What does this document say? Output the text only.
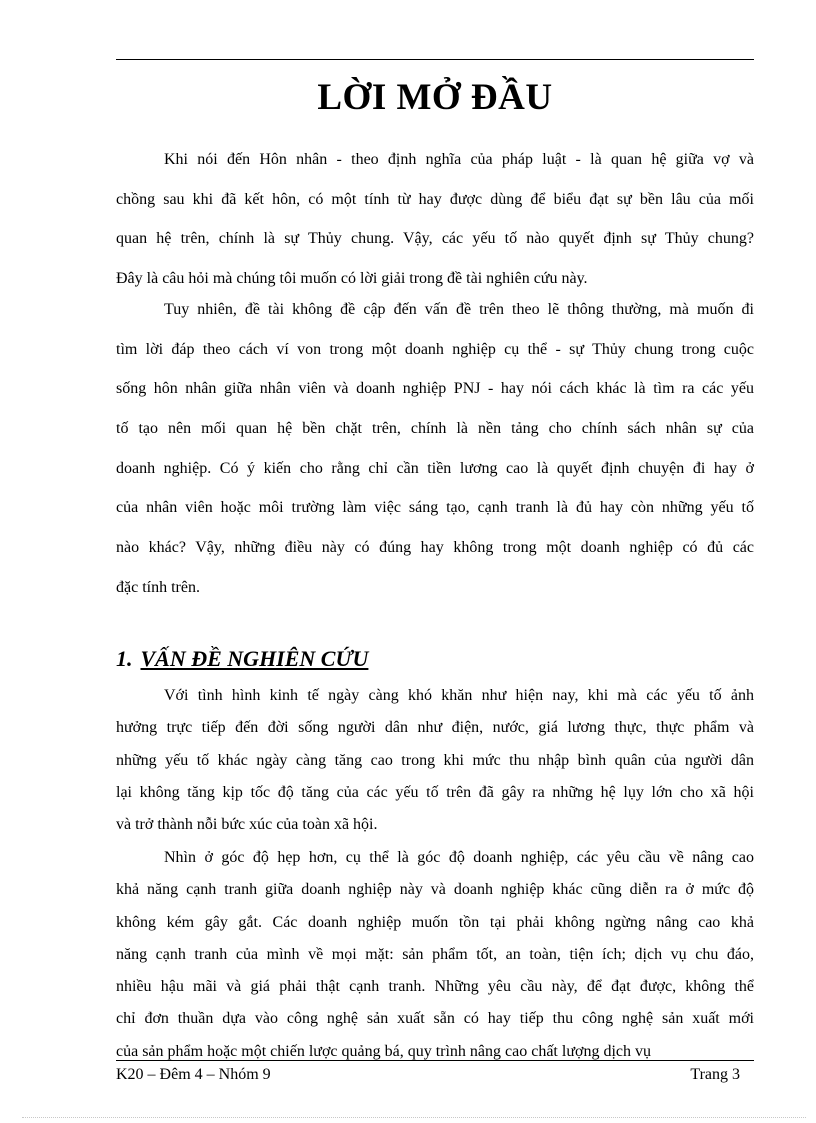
LỜI MỞ ĐẦU
Khi nói đến Hôn nhân - theo định nghĩa của pháp luật - là quan hệ giữa vợ và
chồng sau khi đã kết hôn, có một tính từ hay được dùng để biểu đạt sự bền lâu của mối
quan hệ trên, chính là sự Thủy chung. Vậy, các yếu tố nào quyết định sự Thủy chung?
Đây là câu hỏi mà chúng tôi muốn có lời giải trong đề tài nghiên cứu này.
Tuy nhiên, đề tài không đề cập đến vấn đề trên theo lẽ thông thường, mà muốn đi
tìm lời đáp theo cách ví von trong một doanh nghiệp cụ thể - sự Thủy chung trong cuộc
sống hôn nhân giữa nhân viên và doanh nghiệp PNJ - hay nói cách khác là tìm ra các yếu
tố tạo nên mối quan hệ bền chặt trên, chính là nền tảng cho chính sách nhân sự của
doanh nghiệp. Có ý kiến cho rằng chỉ cần tiền lương cao là quyết định chuyện đi hay ở
của nhân viên hoặc môi trường làm việc sáng tạo, cạnh tranh là đủ hay còn những yếu tố
nào khác? Vậy, những điều này có đúng hay không trong một doanh nghiệp có đủ các
đặc tính trên.
1. VẤN ĐỀ NGHIÊN CỨU
Với tình hình kinh tế ngày càng khó khăn như hiện nay, khi mà các yếu tố ảnh
hưởng trực tiếp đến đời sống người dân như điện, nước, giá lương thực, thực phẩm và
những yếu tố khác ngày càng tăng cao trong khi mức thu nhập bình quân của người dân
lại không tăng kịp tốc độ tăng của các yếu tố trên đã gây ra những hệ lụy lớn cho xã hội
và trở thành nỗi bức xúc của toàn xã hội.
Nhìn ở góc độ hẹp hơn, cụ thể là góc độ doanh nghiệp, các yêu cầu về nâng cao
khả năng cạnh tranh giữa doanh nghiệp này và doanh nghiệp khác cũng diễn ra ở mức độ
không kém gây gắt. Các doanh nghiệp muốn tồn tại phải không ngừng nâng cao khả
năng cạnh tranh của mình về mọi mặt: sản phẩm tốt, an toàn, tiện ích; dịch vụ chu đáo,
nhiều hậu mãi và giá phải thật cạnh tranh. Những yêu cầu này, để đạt được, không thể
chỉ đơn thuần dựa vào công nghệ sản xuất sẵn có hay tiếp thu công nghệ sản xuất mới
của sản phẩm hoặc một chiến lược quảng bá, quy trình nâng cao chất lượng dịch vụ
K20 – Đêm 4 – Nhóm 9	Trang 3
